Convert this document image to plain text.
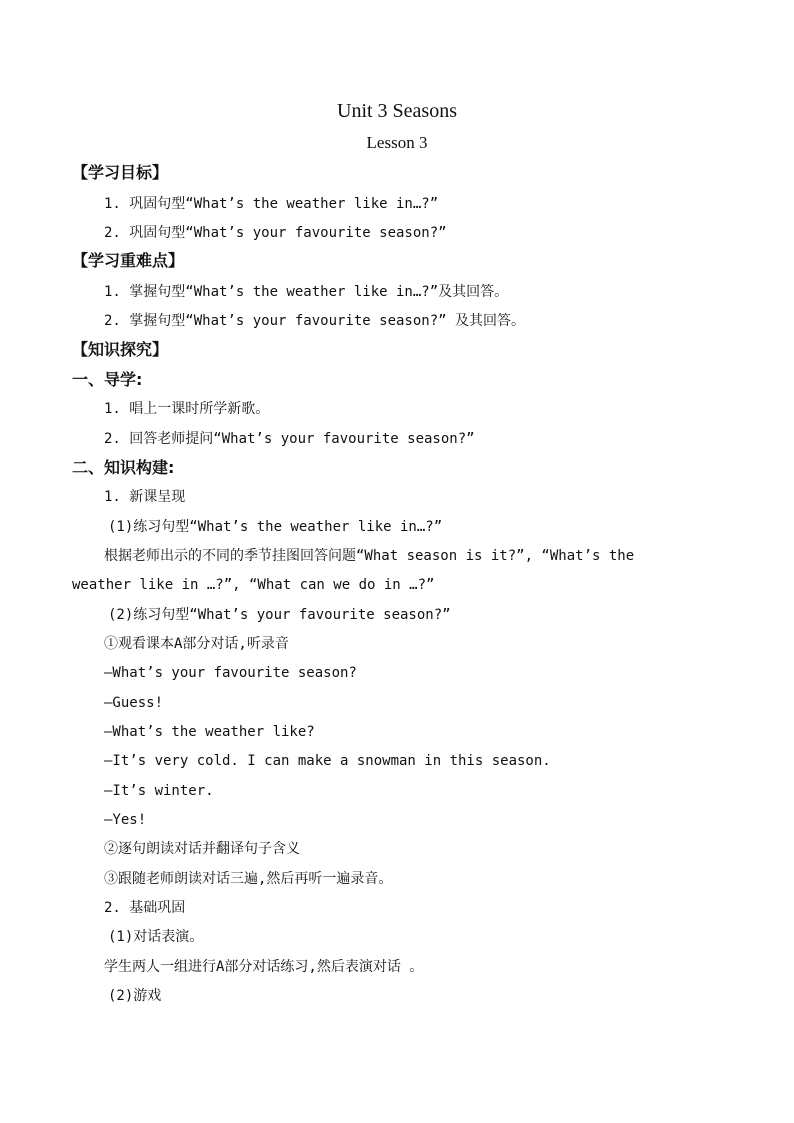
Unit 3 Seasons
Lesson 3
【学习目标】
1. 巩固句型“What’s the weather like in…?”
2. 巩固句型“What’s your favourite season?”
【学习重难点】
1. 掌握句型“What’s the weather like in…?”及其回答。
2. 掌握句型“What’s your favourite season?” 及其回答。
【知识探究】
一、导学:
1. 唱上一课时所学新歌。
2. 回答老师提问“What’s your favourite season?”
二、知识构建:
1. 新课呈现
(1)练习句型“What’s the weather like in…?”
根据老师出示的不同的季节挂图回答问题“What season is it?”, “What’s the
weather like in …?”, “What can we do in …?”
(2)练习句型“What’s your favourite season?”
①观看课本A部分对话,听录音
—What’s your favourite season?
—Guess!
—What’s the weather like?
—It’s very cold. I can make a snowman in this season.
—It’s winter.
—Yes!
②逐句朗读对话并翻译句子含义
③跟随老师朗读对话三遍,然后再听一遍录音。
2. 基础巩固
(1)对话表演。
学生两人一组进行A部分对话练习,然后表演对话 。
(2)游戏
